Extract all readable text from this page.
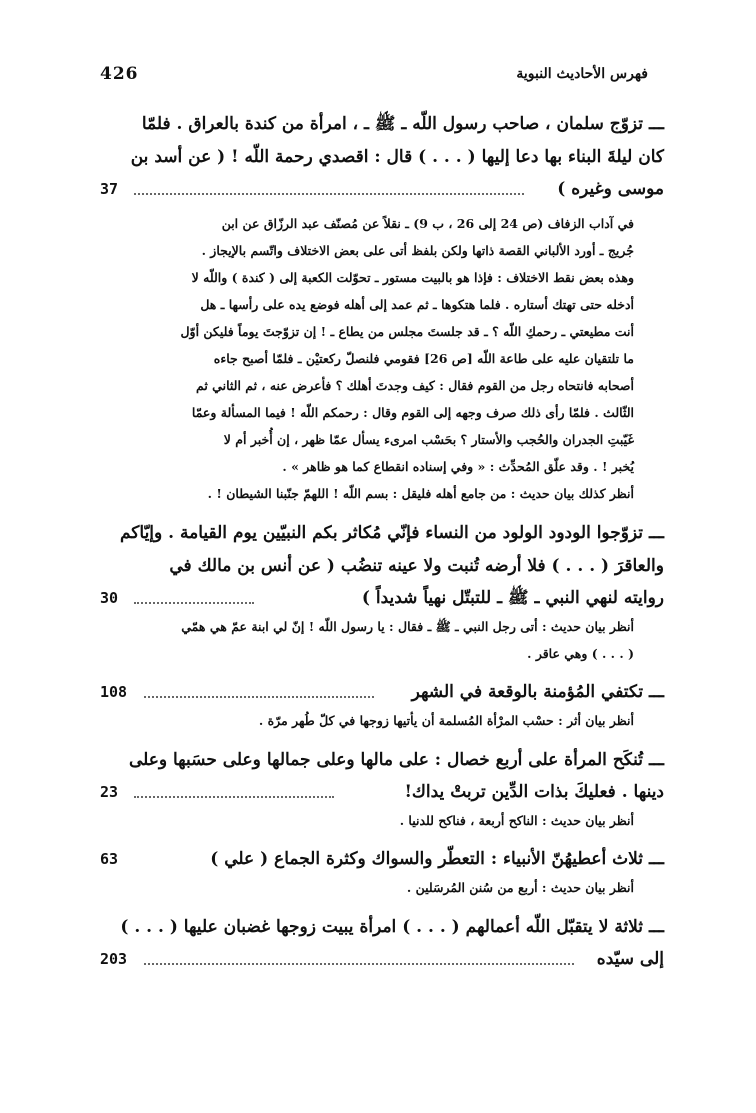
426	فهرس الأحاديث النبوية
ـــتزوّج سلمان ، صاحب رسول اللّه ـ ﷺ ـ ، امرأة من كندة بالعراق . فلمّا
كان ليلةَ البناء بها دعا إليها ( . . . ) قال : اقصدي رحمة اللّه ! ( عن أسد بن
37	موسى وغيره )
في آداب الزفاف (ص 24 إلى 26 ، ب 9) ـ نقلاً عن مُصنّف عبد الرزّاق عن ابن
جُريج ـ أورد الألباني القصة ذاتها ولكن بلفظ أتى على بعض الاختلاف واتّسم بالإيجاز .
وهذه بعض نقط الاختلاف : فإذا هو بالبيت مستور ـ تحوّلت الكعبة إلى ( كندة ) واللّه لا
أدخله حتى تهتك أستاره . فلما هتكوها ـ ثم عمد إلى أهله فوضع يده على رأسها ـ هل
أنت مطيعتي ـ رحمكِ اللّه ؟ ـ قد جلستَ مجلس من يطاع ـ ! إن تزوّجتَ يوماً فليكن أوّل
ما تلتقيان عليه على طاعة اللّه [ص 26] فقومي فلنصلّ ركعتيْن ـ فلمّا أصبح جاءه
أصحابه فانتحاه رجل من القوم فقال : كيف وجدتَ أهلك ؟ فأعرض عنه ، ثم الثاني ثم
الثّالث . فلمّا رأى ذلك صرف وجهه إلى القوم وقال : رحمكم اللّه ! فيما المسألة وعمّا
غَيّبتِ الجدران والحُجب والأستار ؟ بحَسْب امرىء يسأل عمّا ظهر ، إن أُخبر أم لا
يُخبر ! . وقد علّق المُحدِّث : « وفي إسناده انقطاع كما هو ظاهر » .
أنظر كذلك بيان حديث : من جامع أهله فليقل : بسم اللّه ! اللهمّ جنّبنا الشيطان ! .
ـــتزوّجوا الودود الولود من النساء فإنّي مُكاثر بكم النبيّين يوم القيامة . وإيّاكم
والعاقرَ ( . . . ) فلا أرضه تُنبت ولا عينه تنضُب ( عن أنس بن مالك في
30	روايته لنهي النبي ـ ﷺ ـ للتبتّل نهياً شديداً )
أنظر بيان حديث : أتى رجل النبي ـ ﷺ ـ فقال : يا رسول اللّه ! إنّ لي ابنة عمّ هي همّي
( . . . ) وهي عاقر .
108	ـــتكتفي المُؤمنة بالوقعة في الشهر
أنظر بيان أثر : حسْب المرْأة المُسلمة أن يأتيها زوجها في كلّ طُهر مرّة .
ـــتُنكَح المرأة على أربع خصال : على مالها وعلى جمالها وعلى حسَبها وعلى
23	دينها . فعليكَ بذات الدِّين تربتْ يداك!
أنظر بيان حديث : الناكح أربعة ، فناكح للدنيا .
63	ـــثلاث أعطيهُنّ الأنبياء : التعطّر والسواك وكثرة الجماع ( علي )
أنظر بيان حديث : أربع من سُنن المُرسَلين .
ـــثلاثة لا يتقبّل اللّه أعمالهم ( . . . ) امرأة يبيت زوجها غضبان عليها ( . . . )
203	إلى سيّده
